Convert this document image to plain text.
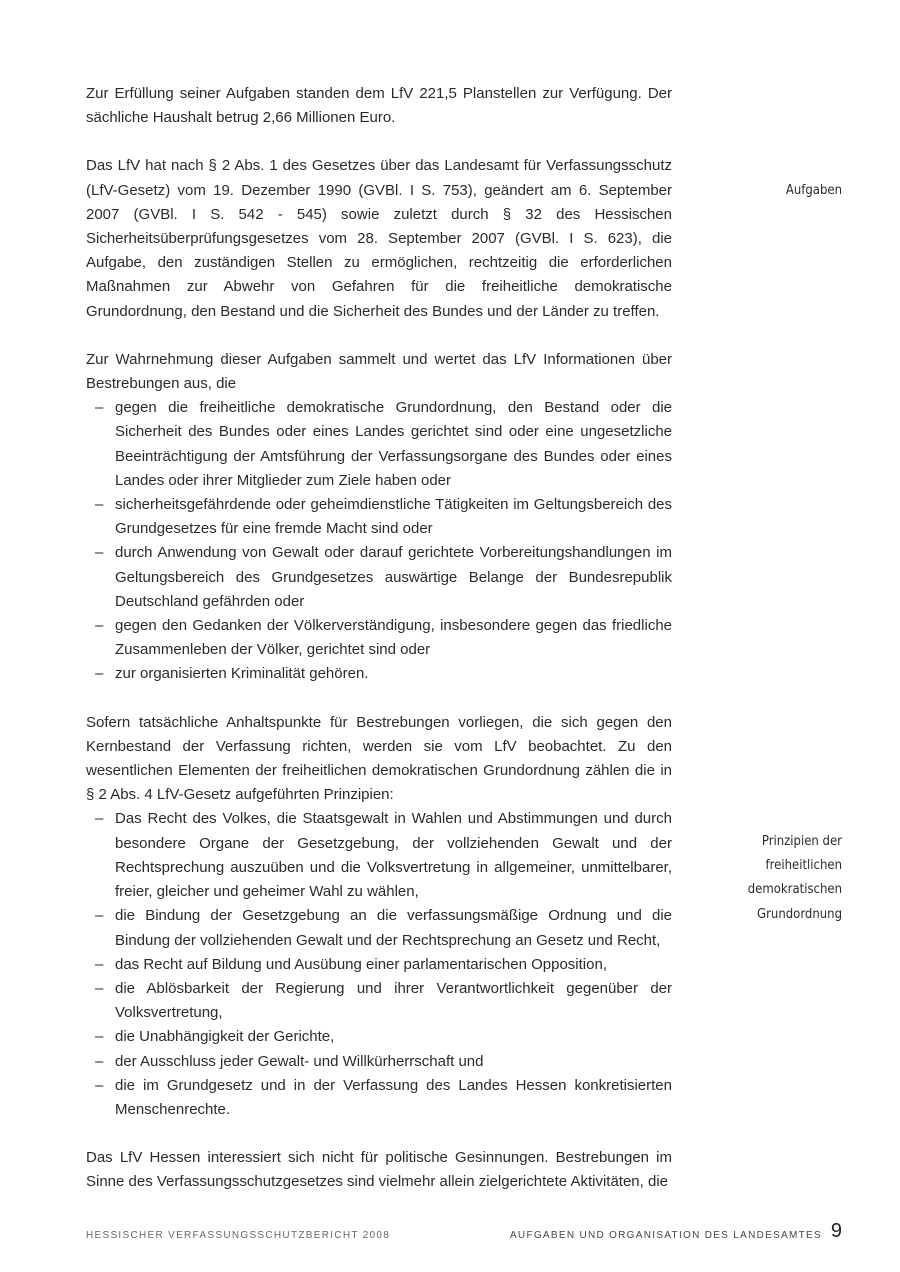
Zur Erfüllung seiner Aufgaben standen dem LfV 221,5 Planstellen zur Verfügung. Der sächliche Haushalt betrug 2,66 Millionen Euro.

Das LfV hat nach § 2 Abs. 1 des Gesetzes über das Landesamt für Verfassungsschutz (LfV-Gesetz) vom 19. Dezember 1990 (GVBl. I S. 753), geändert am 6. September 2007 (GVBl. I S. 542 - 545) sowie zuletzt durch § 32 des Hessischen Sicherheitsüberprüfungsgesetzes vom 28. September 2007 (GVBl. I S. 623), die Aufgabe, den zuständigen Stellen zu ermöglichen, rechtzeitig die erforderlichen Maßnahmen zur Abwehr von Gefahren für die freiheitliche demokratische Grundordnung, den Bestand und die Sicherheit des Bundes und der Länder zu treffen.

Zur Wahrnehmung dieser Aufgaben sammelt und wertet das LfV Informationen über Bestrebungen aus, die

– gegen die freiheitliche demokratische Grundordnung, den Bestand oder die Sicherheit des Bundes oder eines Landes gerichtet sind oder eine ungesetzliche Beeinträchtigung der Amtsführung der Verfassungsorgane des Bundes oder eines Landes oder ihrer Mitglieder zum Ziele haben oder
– sicherheitsgefährdende oder geheimdienstliche Tätigkeiten im Geltungsbereich des Grundgesetzes für eine fremde Macht sind oder
– durch Anwendung von Gewalt oder darauf gerichtete Vorbereitungshandlungen im Geltungsbereich des Grundgesetzes auswärtige Belange der Bundesrepublik Deutschland gefährden oder
– gegen den Gedanken der Völkerverständigung, insbesondere gegen das friedliche Zusammenleben der Völker, gerichtet sind oder
– zur organisierten Kriminalität gehören.

Sofern tatsächliche Anhaltspunkte für Bestrebungen vorliegen, die sich gegen den Kernbestand der Verfassung richten, werden sie vom LfV beobachtet. Zu den wesentlichen Elementen der freiheitlichen demokratischen Grundordnung zählen die in § 2 Abs. 4 LfV-Gesetz aufgeführten Prinzipien:

– Das Recht des Volkes, die Staatsgewalt in Wahlen und Abstimmungen und durch besondere Organe der Gesetzgebung, der vollziehenden Gewalt und der Rechtsprechung auszuüben und die Volksvertretung in allgemeiner, unmittelbarer, freier, gleicher und geheimer Wahl zu wählen,
– die Bindung der Gesetzgebung an die verfassungsmäßige Ordnung und die Bindung der vollziehenden Gewalt und der Rechtsprechung an Gesetz und Recht,
– das Recht auf Bildung und Ausübung einer parlamentarischen Opposition,
– die Ablösbarkeit der Regierung und ihrer Verantwortlichkeit gegenüber der Volksvertretung,
– die Unabhängigkeit der Gerichte,
– der Ausschluss jeder Gewalt- und Willkürherrschaft und
– die im Grundgesetz und in der Verfassung des Landes Hessen konkretisierten Menschenrechte.

Das LfV Hessen interessiert sich nicht für politische Gesinnungen. Bestrebungen im Sinne des Verfassungsschutzgesetzes sind vielmehr allein zielgerichtete Aktivitäten, die

Aufgaben
Prinzipien der
freiheitlichen
demokratischen
Grundordnung
HESSISCHER VERFASSUNGSSCHUTZBERICHT 2008	AUFGABEN UND ORGANISATION DES LANDESAMTES 9
